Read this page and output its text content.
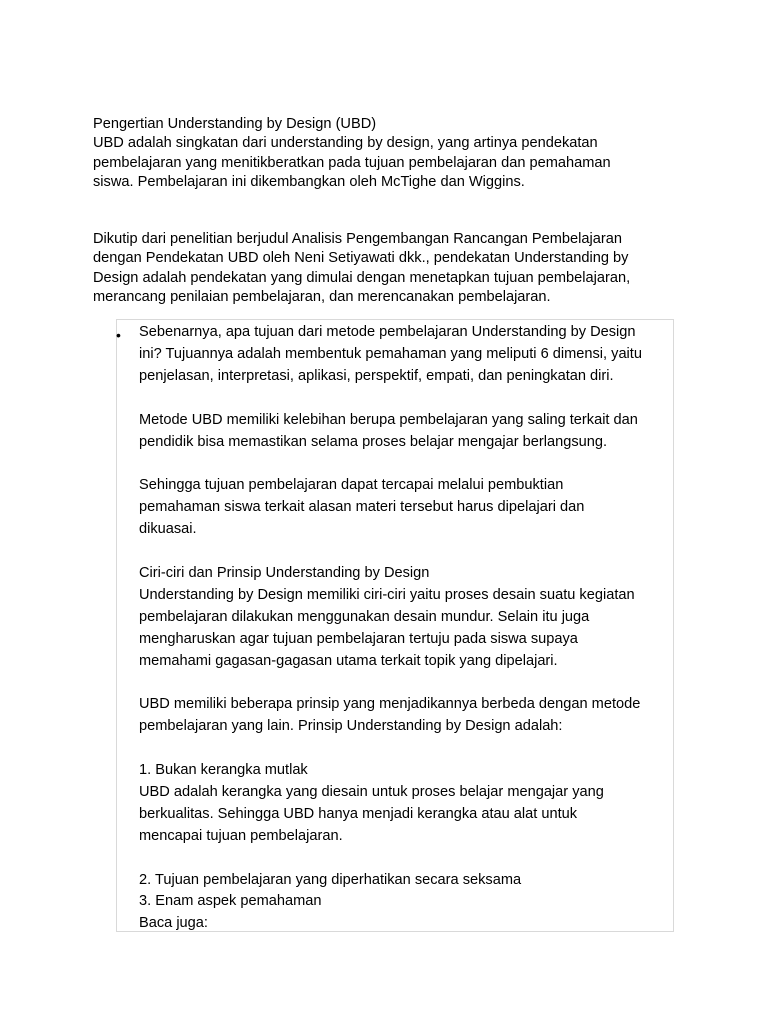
Pengertian Understanding by Design (UBD)

UBD adalah singkatan dari understanding by design, yang artinya pendekatan

pembelajaran yang menitikberatkan pada tujuan pembelajaran dan pemahaman

siswa. Pembelajaran ini dikembangkan oleh McTighe dan Wiggins.

Dikutip dari penelitian berjudul Analisis Pengembangan Rancangan Pembelajaran

dengan Pendekatan UBD oleh Neni Setiyawati dkk., pendekatan Understanding by

Design adalah pendekatan yang dimulai dengan menetapkan tujuan pembelajaran,

merancang penilaian pembelajaran, dan merencanakan pembelajaran.

• Sebenarnya, apa tujuan dari metode pembelajaran Understanding by Design

ini? Tujuannya adalah membentuk pemahaman yang meliputi 6 dimensi, yaitu

penjelasan, interpretasi, aplikasi, perspektif, empati, dan peningkatan diri.

Metode UBD memiliki kelebihan berupa pembelajaran yang saling terkait dan

pendidik bisa memastikan selama proses belajar mengajar berlangsung.

Sehingga tujuan pembelajaran dapat tercapai melalui pembuktian

pemahaman siswa terkait alasan materi tersebut harus dipelajari dan

dikuasai.

Ciri-ciri dan Prinsip Understanding by Design

Understanding by Design memiliki ciri-ciri yaitu proses desain suatu kegiatan

pembelajaran dilakukan menggunakan desain mundur. Selain itu juga

mengharuskan agar tujuan pembelajaran tertuju pada siswa supaya

memahami gagasan-gagasan utama terkait topik yang dipelajari.

UBD memiliki beberapa prinsip yang menjadikannya berbeda dengan metode

pembelajaran yang lain. Prinsip Understanding by Design adalah:

1. Bukan kerangka mutlak

UBD adalah kerangka yang diesain untuk proses belajar mengajar yang

berkualitas. Sehingga UBD hanya menjadi kerangka atau alat untuk

mencapai tujuan pembelajaran.

2. Tujuan pembelajaran yang diperhatikan secara seksama

3. Enam aspek pemahaman

Baca juga:
